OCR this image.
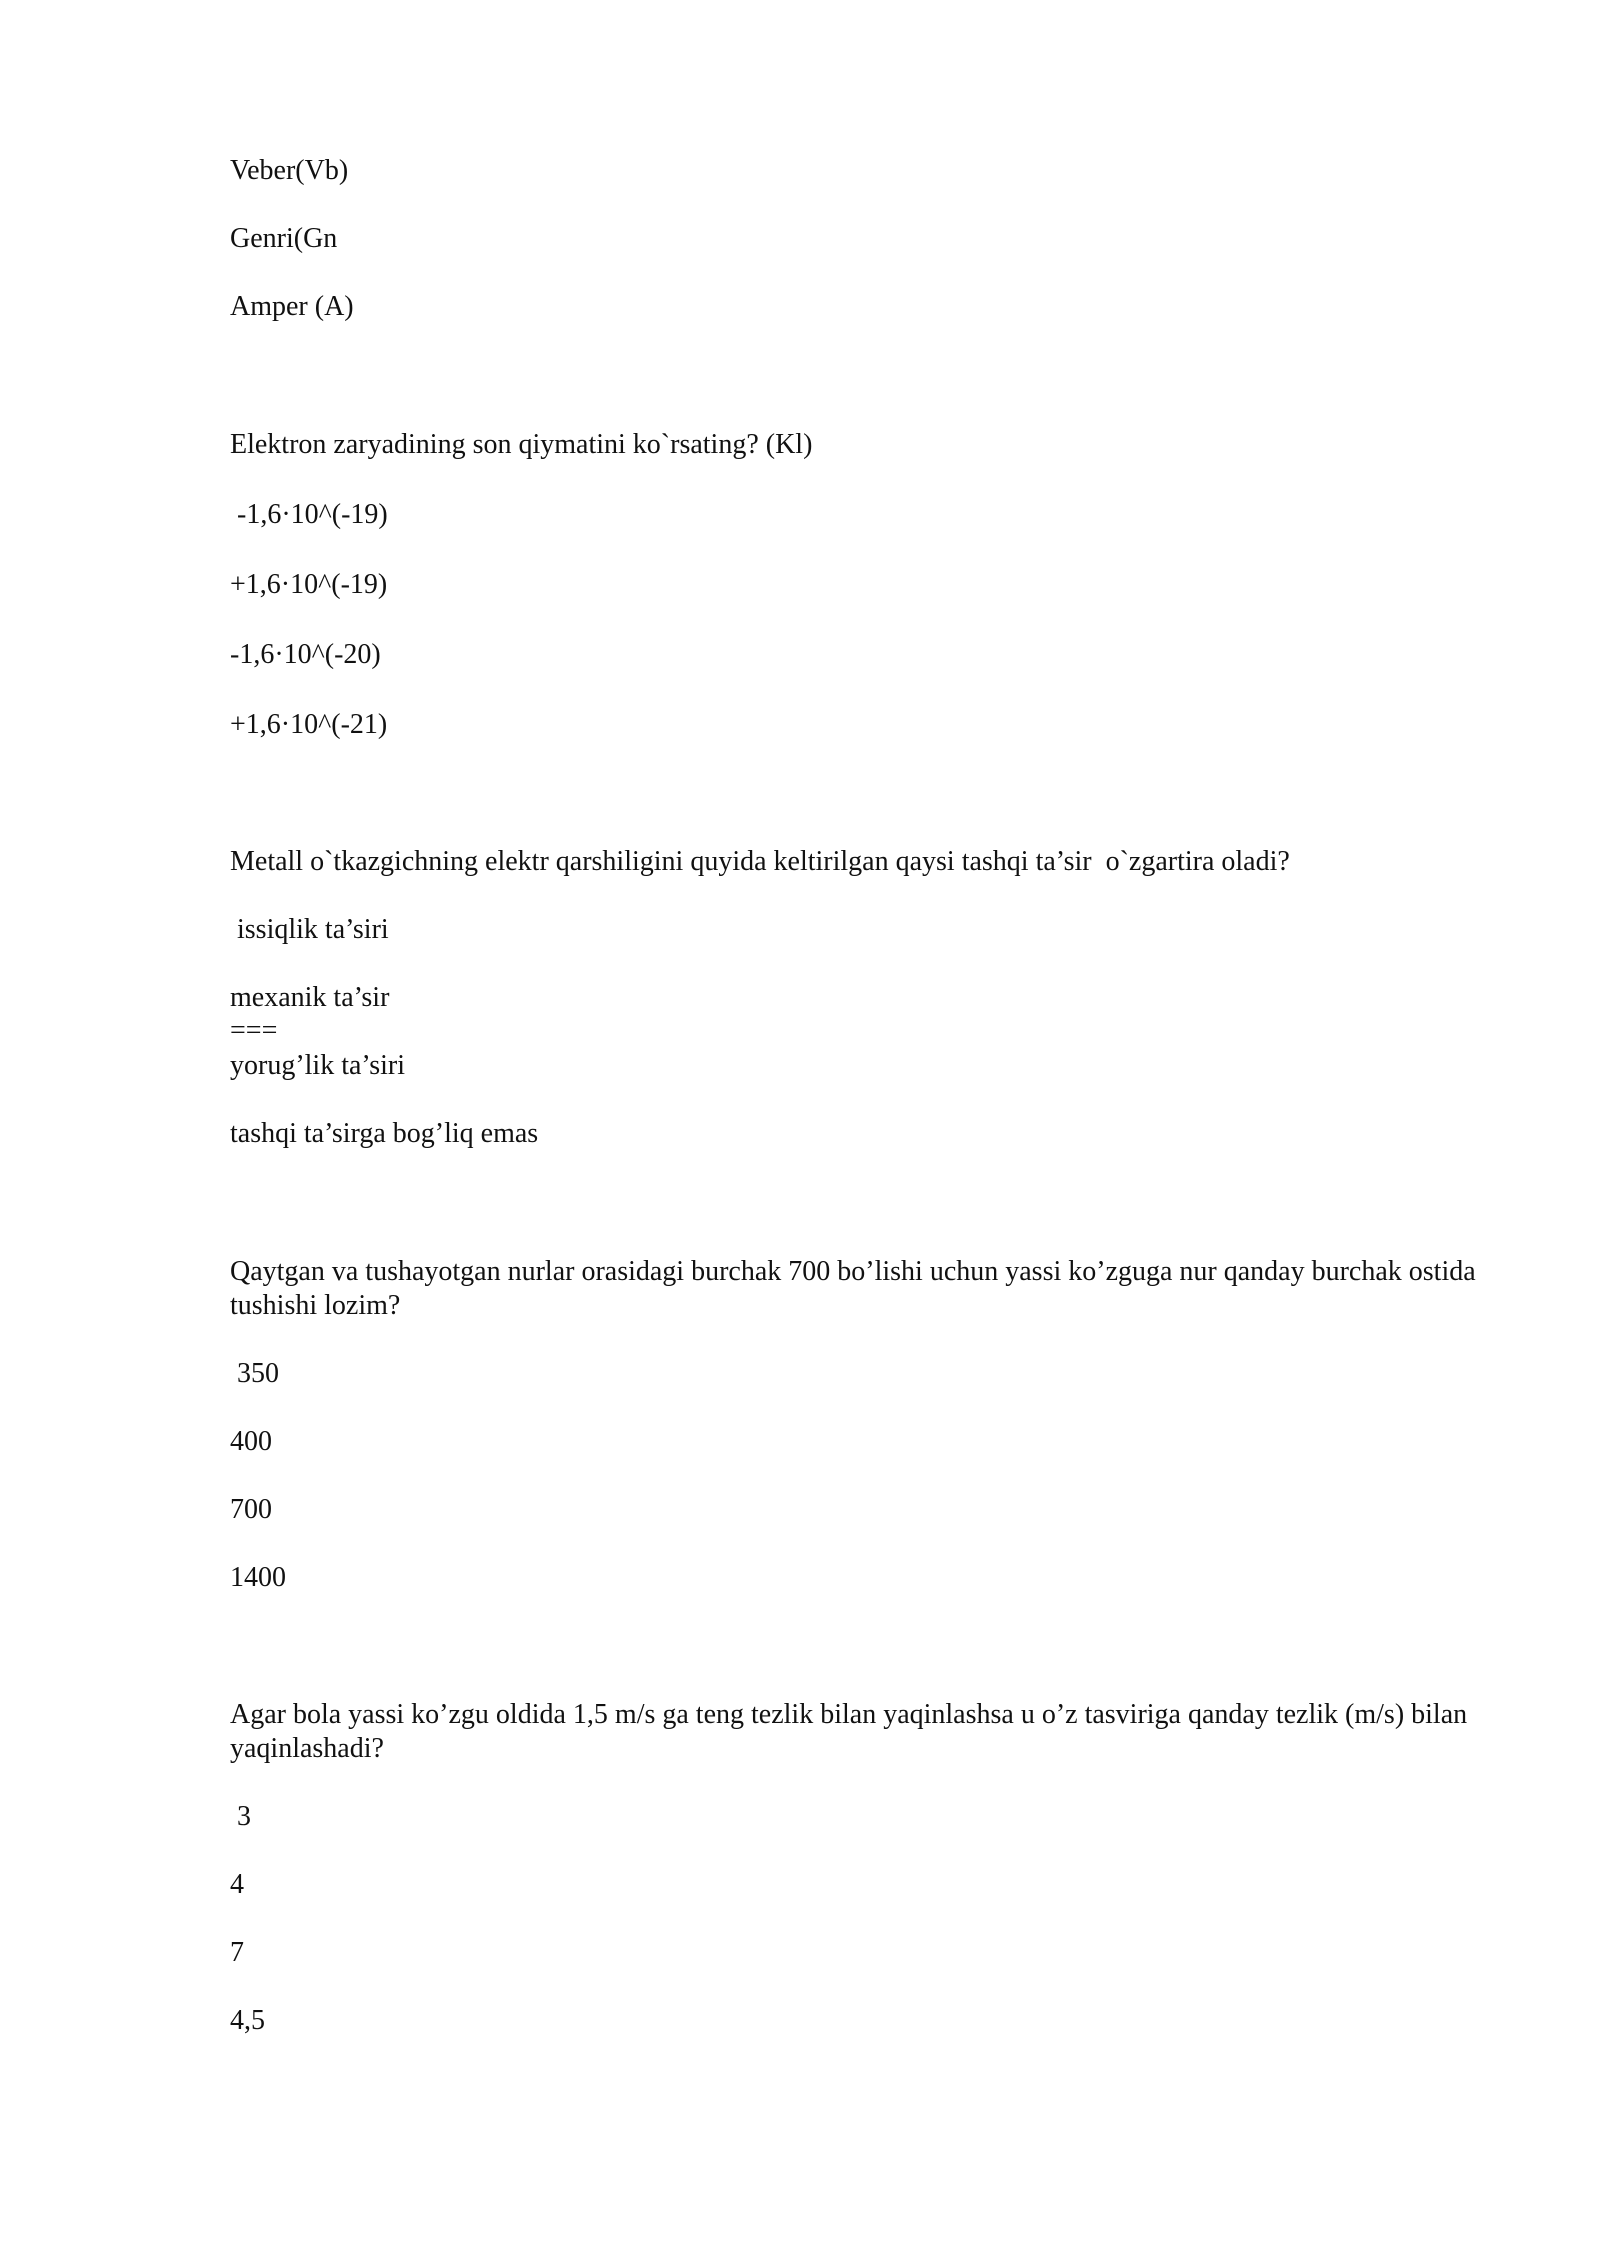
Veber(Vb)
Genri(Gn
Amper (A)
Elektron zaryadining son qiymatini ko`rsating? (Kl)
-1,6·10^(-19)
+1,6·10^(-19)
-1,6·10^(-20)
+1,6·10^(-21)
Metall o`tkazgichning elektr qarshiligini quyida keltirilgan qaysi tashqi ta’sir  o`zgartira oladi?
issiqlik ta’siri
mexanik ta’sir
===
yorug’lik ta’siri
tashqi ta’sirga bog’liq emas
Qaytgan va tushayotgan nurlar orasidagi burchak 700 bo’lishi uchun yassi ko’zguga nur qanday burchak ostida tushishi lozim?
350
400
700
1400
Agar bola yassi ko’zgu oldida 1,5 m/s ga teng tezlik bilan yaqinlashsa u o’z tasviriga qanday tezlik (m/s) bilan yaqinlashadi?
3
4
7
4,5
